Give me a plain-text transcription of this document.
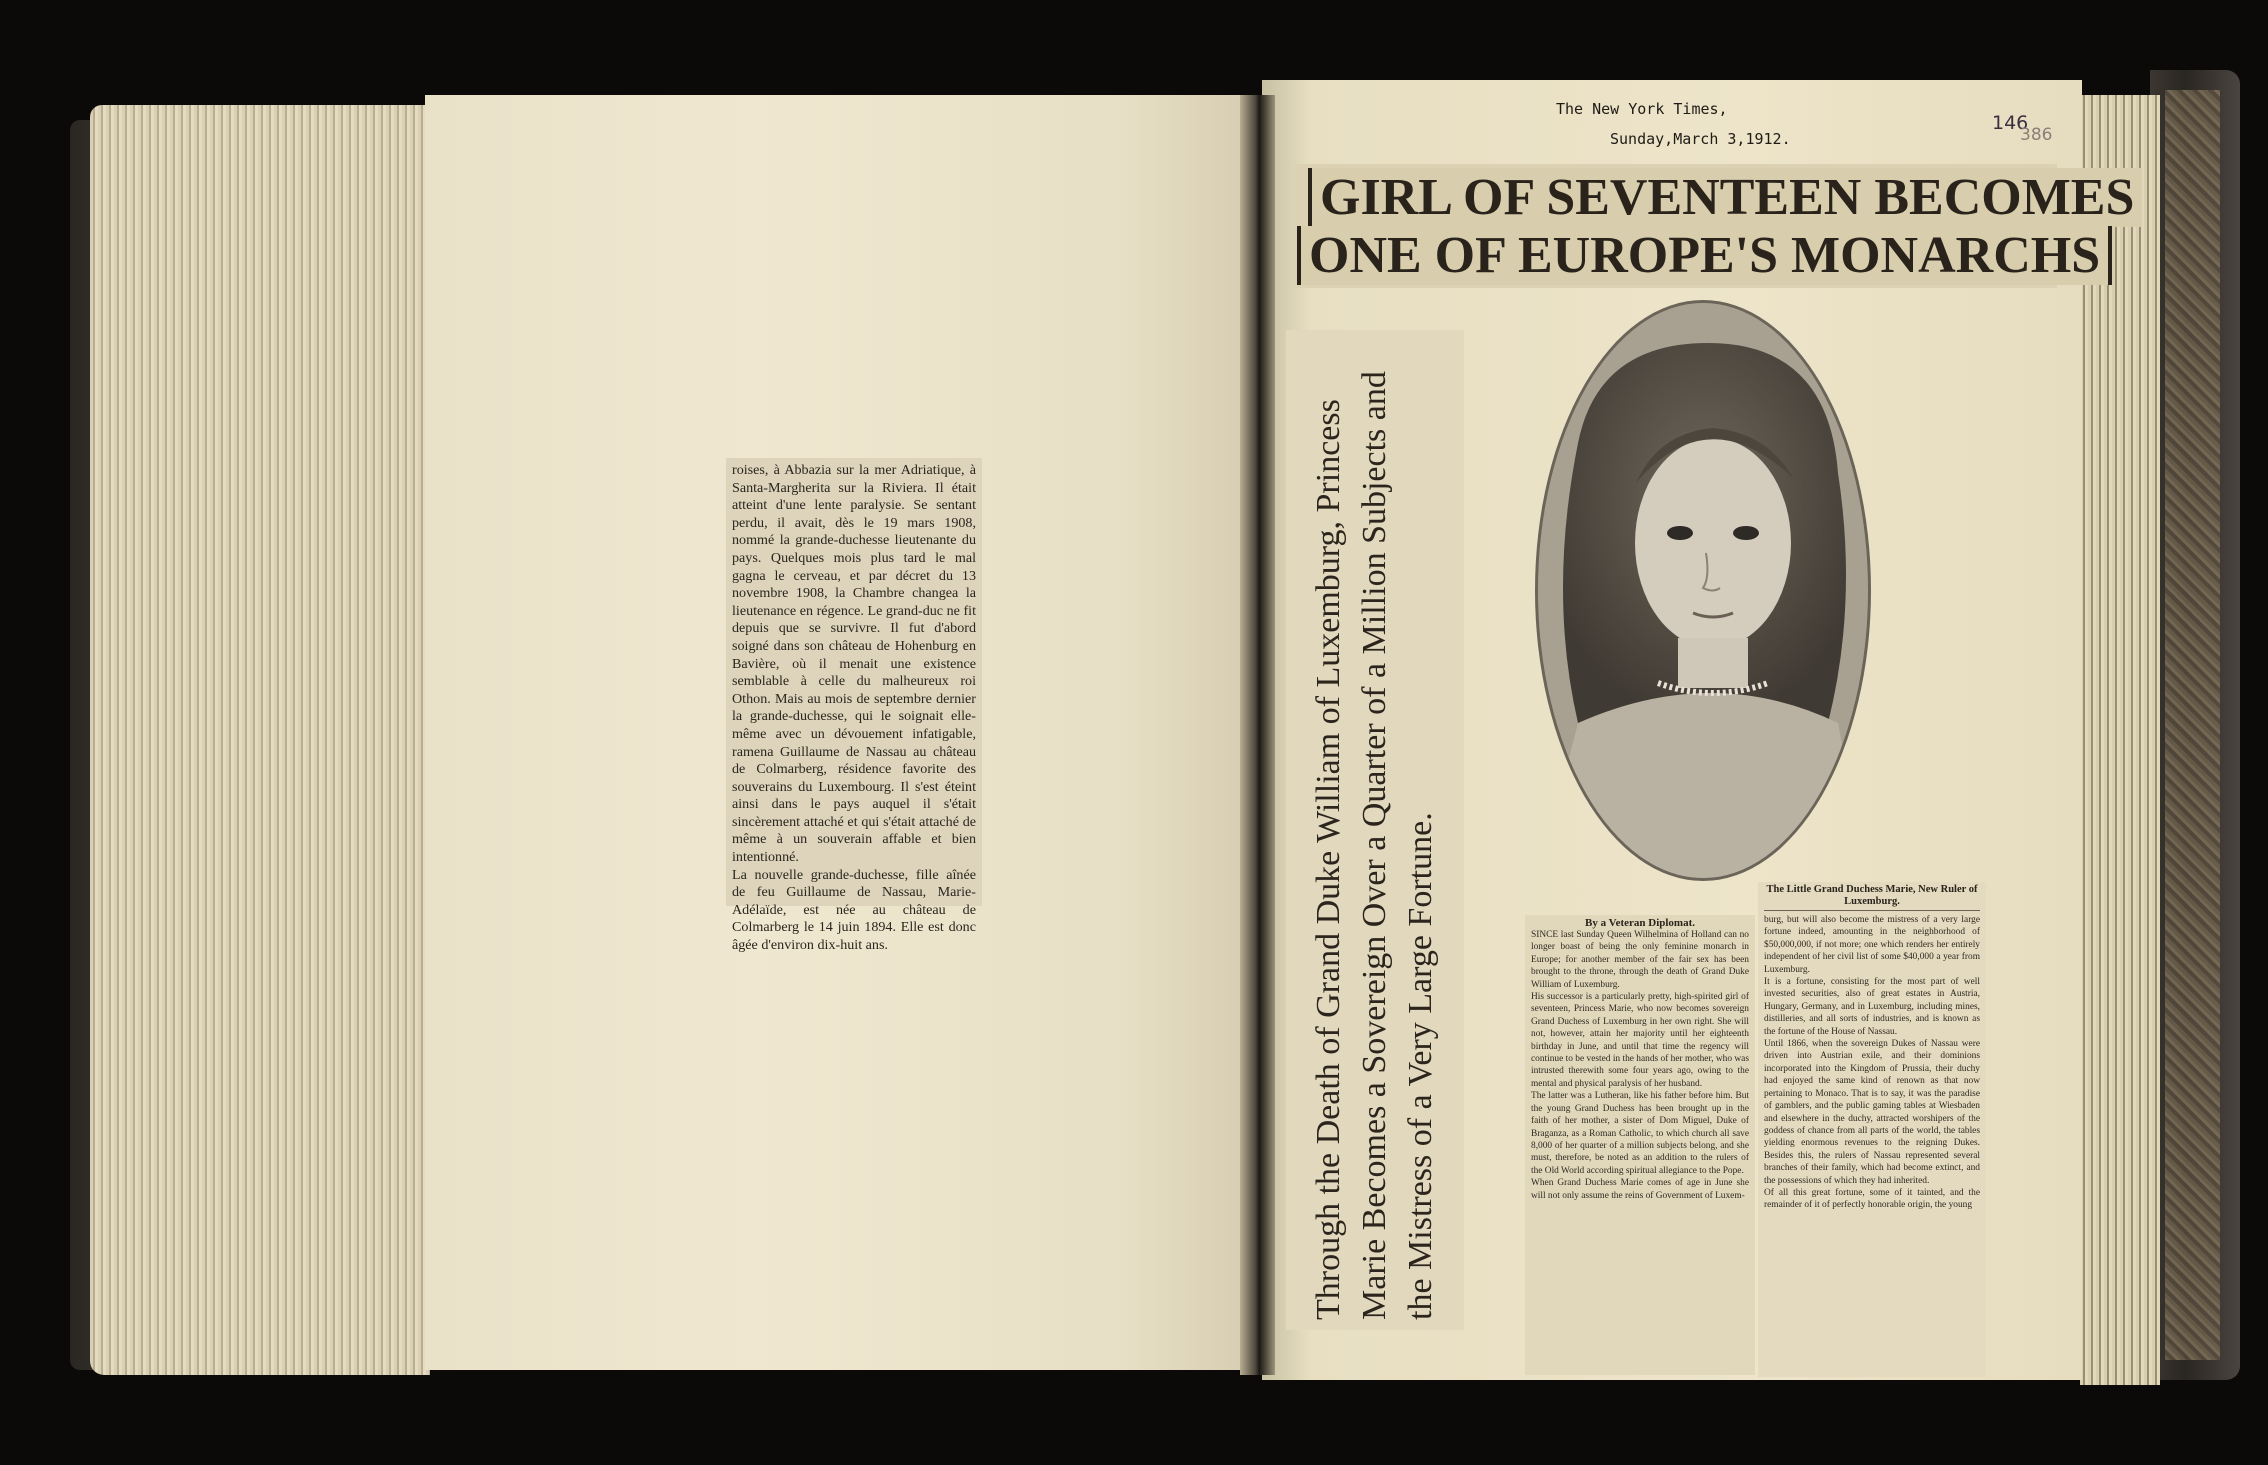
roises, à Abbazia sur la mer Adriatique, à Santa-Margherita sur la Riviera. Il était atteint d'une lente paralysie. Se sentant perdu, il avait, dès le 19 mars 1908, nommé la grande-duchesse lieutenante du pays. Quelques mois plus tard le mal gagna le cerveau, et par décret du 13 novembre 1908, la Chambre changea la lieutenance en régence. Le grand-duc ne fit depuis que se survivre. Il fut d'abord soigné dans son château de Hohenburg en Bavière, où il menait une existence semblable à celle du malheureux roi Othon. Mais au mois de septembre dernier la grande-duchesse, qui le soignait elle-même avec un dévouement infatigable, ramena Guillaume de Nassau au château de Colmarberg, résidence favorite des souverains du Luxembourg. Il s'est éteint ainsi dans le pays auquel il s'était sincèrement attaché et qui s'était attaché de même à un souverain affable et bien intentionné.
La nouvelle grande-duchesse, fille aînée de feu Guillaume de Nassau, Marie-Adélaïde, est née au château de Colmarberg le 14 juin 1894. Elle est donc âgée d'environ dix-huit ans.
The New York Times,
Sunday,March 3,1912.
146
386
GIRL OF SEVENTEEN BECOMES
ONE OF EUROPE'S MONARCHS
Through the Death of Grand Duke William of Luxemburg, Princess Marie Becomes a Sovereign Over a Quarter of a Million Subjects and the Mistress of a Very Large Fortune.	By a Veteran Diplomat.

SINCE last Sunday Queen Wilhelmina of Holland can no longer boast of being the only feminine monarch in Europe; for another member of the fair sex has been brought to the throne, through the death of Grand Duke William of Luxemburg.
His successor is a particularly pretty, high-spirited girl of seventeen, Princess Marie, who now becomes sovereign Grand Duchess of Luxemburg in her own right. She will not, however, attain her majority until her eighteenth birthday in June, and until that time the regency will continue to be vested in the hands of her mother, who was intrusted therewith some four years ago, owing to the mental and physical paralysis of her husband.
The latter was a Lutheran, like his father before him. But the young Grand Duchess has been brought up in the faith of her mother, a sister of Dom Miguel, Duke of Braganza, as a Roman Catholic, to which church all save 8,000 of her quarter of a million subjects belong, and she must, therefore, be noted as an addition to the rulers of the Old World according spiritual allegiance to the Pope.
When Grand Duchess Marie comes of age in June she will not only assume the reins of Government of Luxem-

The Little Grand Duchess Marie, New Ruler of Luxemburg.

burg, but will also become the mistress of a very large fortune indeed, amounting in the neighborhood of $50,000,000, if not more; one which renders her entirely independent of her civil list of some $40,000 a year from Luxemburg.
It is a fortune, consisting for the most part of well invested securities, also of great estates in Austria, Hungary, Germany, and in Luxemburg, including mines, distilleries, and all sorts of industries, and is known as the fortune of the House of Nassau.
Until 1866, when the sovereign Dukes of Nassau were driven into Austrian exile, and their dominions incorporated into the Kingdom of Prussia, their duchy had enjoyed the same kind of renown as that now pertaining to Monaco. That is to say, it was the paradise of gamblers, and the public gaming tables at Wiesbaden and elsewhere in the duchy, attracted worshipers of the goddess of chance from all parts of the world, the tables yielding enormous revenues to the reigning Dukes. Besides this, the rulers of Nassau represented several branches of their family, which had become extinct, and the possessions of which they had inherited.
Of all this great fortune, some of it tainted, and the remainder of it of perfectly honorable origin, the young
